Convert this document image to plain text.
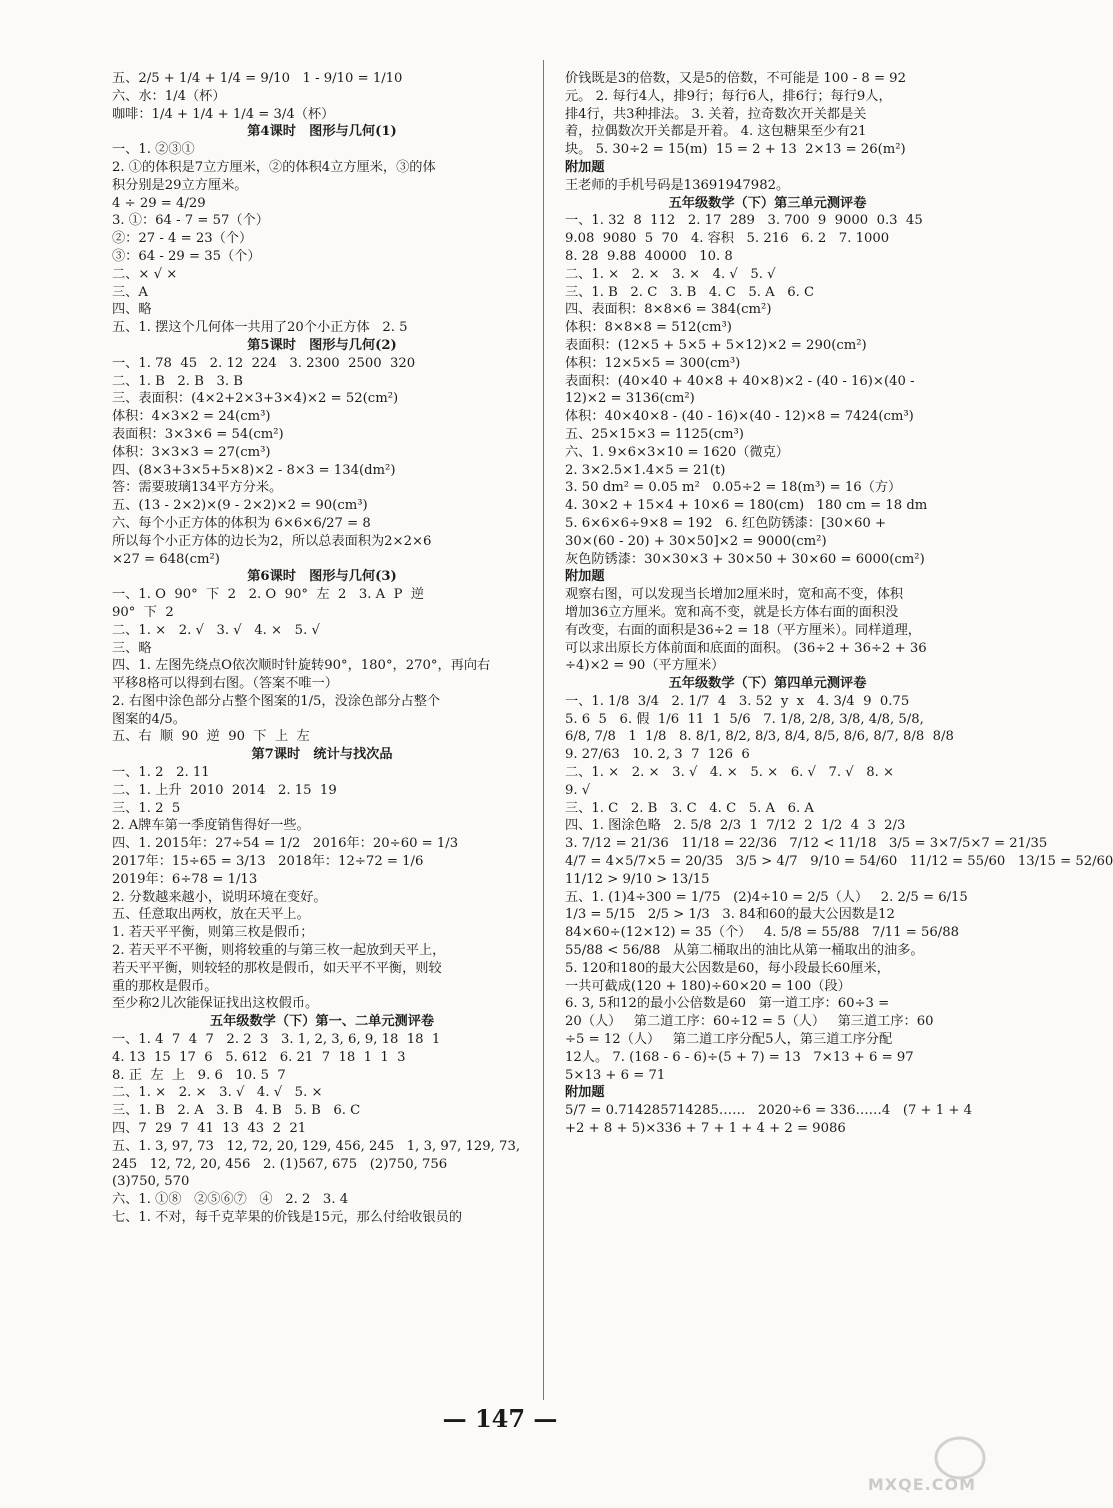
五、2/5 + 1/4 + 1/4 = 9/10   1 - 9/10 = 1/10
六、水：1/4（杯）
咖啡：1/4 + 1/4 + 1/4 = 3/4（杯）
第4课时　图形与几何(1)
一、1. ②③①
2. ①的体积是7立方厘米，②的体积4立方厘米，③的体
积分别是29立方厘米。
4 ÷ 29 = 4/29
3. ①：64 - 7 = 57（个）
②：27 - 4 = 23（个）
③：64 - 29 = 35（个）
二、× √ ×
三、A
四、略
五、1. 摆这个几何体一共用了20个小正方体   2. 5
第5课时　图形与几何(2)
一、1. 78  45   2. 12  224   3. 2300  2500  320
二、1. B   2. B   3. B
三、表面积：(4×2+2×3+3×4)×2 = 52(cm²)
体积：4×3×2 = 24(cm³)
表面积：3×3×6 = 54(cm²)
体积：3×3×3 = 27(cm³)
四、(8×3+3×5+5×8)×2 - 8×3 = 134(dm²)
答：需要玻璃134平方分米。
五、(13 - 2×2)×(9 - 2×2)×2 = 90(cm³)
六、每个小正方体的体积为 6×6×6/27 = 8
所以每个小正方体的边长为2，所以总表面积为2×2×6
×27 = 648(cm²)
第6课时　图形与几何(3)
一、1. O  90°  下  2   2. O  90°  左  2   3. A  P  逆
90°  下  2
二、1. ×   2. √   3. √   4. ×   5. √
三、略
四、1. 左图先绕点O依次顺时针旋转90°，180°，270°，再向右
平移8格可以得到右图。（答案不唯一）
2. 右图中涂色部分占整个图案的1/5，没涂色部分占整个
图案的4/5。
五、右  顺  90  逆  90  下  上  左
第7课时　统计与找次品
一、1. 2   2. 11
二、1. 上升  2010  2014   2. 15  19
三、1. 2  5
2. A牌车第一季度销售得好一些。
四、1. 2015年：27÷54 = 1/2   2016年：20÷60 = 1/3
2017年：15÷65 = 3/13   2018年：12÷72 = 1/6
2019年：6÷78 = 1/13
2. 分数越来越小，说明环境在变好。
五、任意取出两枚，放在天平上。
1. 若天平平衡，则第三枚是假币；
2. 若天平不平衡，则将较重的与第三枚一起放到天平上，
若天平平衡，则较轻的那枚是假币，如天平不平衡，则较
重的那枚是假币。
至少称2儿次能保证找出这枚假币。
五年级数学（下）第一、二单元测评卷
一、1. 4  7  4  7   2. 2  3   3. 1, 2, 3, 6, 9, 18  18  1
4. 13  15  17  6   5. 612   6. 21  7  18  1  1  3
8. 正  左  上   9. 6   10. 5  7
二、1. ×   2. ×   3. √   4. √   5. ×
三、1. B   2. A   3. B   4. B   5. B   6. C
四、7  29  7  41  13  43  2  21
五、1. 3, 97, 73   12, 72, 20, 129, 456, 245   1, 3, 97, 129, 73,
245   12, 72, 20, 456   2. (1)567, 675   (2)750, 756
(3)750, 570
六、1. ①⑧   ②⑤⑥⑦   ④   2. 2   3. 4
七、1. 不对，每千克苹果的价钱是15元，那么付给收银员的
价钱既是3的倍数，又是5的倍数，不可能是 100 - 8 = 92
元。 2. 每行4人，排9行；每行6人，排6行；每行9人，
排4行，共3种排法。 3. 关着，拉奇数次开关都是关
着，拉偶数次开关都是开着。 4. 这包糖果至少有21
块。 5. 30÷2 = 15(m)  15 = 2 + 13  2×13 = 26(m²)
附加题
王老师的手机号码是13691947982。
五年级数学（下）第三单元测评卷
一、1. 32  8  112   2. 17  289   3. 700  9  9000  0.3  45
9.08  9080  5  70   4. 容积   5. 216   6. 2   7. 1000
8. 28  9.88  40000   10. 8
二、1. ×   2. ×   3. ×   4. √   5. √
三、1. B   2. C   3. B   4. C   5. A   6. C
四、表面积：8×8×6 = 384(cm²)
体积：8×8×8 = 512(cm³)
表面积：(12×5 + 5×5 + 5×12)×2 = 290(cm²)
体积：12×5×5 = 300(cm³)
表面积：(40×40 + 40×8 + 40×8)×2 - (40 - 16)×(40 -
12)×2 = 3136(cm²)
体积：40×40×8 - (40 - 16)×(40 - 12)×8 = 7424(cm³)
五、25×15×3 = 1125(cm³)
六、1. 9×6×3×10 = 1620（微克）
2. 3×2.5×1.4×5 = 21(t)
3. 50 dm² = 0.05 m²   0.05÷2 = 18(m³) = 16（方）
4. 30×2 + 15×4 + 10×6 = 180(cm)   180 cm = 18 dm
5. 6×6×6÷9×8 = 192   6. 红色防锈漆：[30×60 +
30×(60 - 20) + 30×50]×2 = 9000(cm²)
灰色防锈漆：30×30×3 + 30×50 + 30×60 = 6000(cm²)
附加题
观察右图，可以发现当长增加2厘米时，宽和高不变，体积
增加36立方厘米。宽和高不变，就是长方体右面的面积没
有改变，右面的面积是36÷2 = 18（平方厘米）。同样道理，
可以求出原长方体前面和底面的面积。 (36÷2 + 36÷2 + 36
÷4)×2 = 90（平方厘米）
五年级数学（下）第四单元测评卷
一、1. 1/8  3/4   2. 1/7  4   3. 52  y  x   4. 3/4  9  0.75
5. 6  5   6. 假  1/6  11  1  5/6   7. 1/8, 2/8, 3/8, 4/8, 5/8,
6/8, 7/8   1  1/8   8. 8/1, 8/2, 8/3, 8/4, 8/5, 8/6, 8/7, 8/8  8/8
9. 27/63   10. 2, 3  7  126  6
二、1. ×   2. ×   3. √   4. ×   5. ×   6. √   7. √   8. ×
9. √
三、1. C   2. B   3. C   4. C   5. A   6. A
四、1. 图涂色略   2. 5/8  2/3  1  7/12  2  1/2  4  3  2/3
3. 7/12 = 21/36   11/18 = 22/36   7/12 < 11/18   3/5 = 3×7/5×7 = 21/35
4/7 = 4×5/7×5 = 20/35   3/5 > 4/7   9/10 = 54/60   11/12 = 55/60   13/15 = 52/60
11/12 > 9/10 > 13/15
五、1. (1)4÷300 = 1/75   (2)4÷10 = 2/5（人）   2. 2/5 = 6/15
1/3 = 5/15   2/5 > 1/3   3. 84和60的最大公因数是12
84×60÷(12×12) = 35（个）   4. 5/8 = 55/88   7/11 = 56/88
55/88 < 56/88   从第二桶取出的油比从第一桶取出的油多。
5. 120和180的最大公因数是60，每小段最长60厘米，
一共可截成(120 + 180)÷60×20 = 100（段）
6. 3, 5和12的最小公倍数是60   第一道工序：60÷3 =
20（人）   第二道工序：60÷12 = 5（人）   第三道工序：60
÷5 = 12（人）   第二道工序分配5人，第三道工序分配
12人。 7. (168 - 6 - 6)÷(5 + 7) = 13   7×13 + 6 = 97
5×13 + 6 = 71
附加题
5/7 = 0.714285714285……   2020÷6 = 336……4   (7 + 1 + 4
+2 + 8 + 5)×336 + 7 + 1 + 4 + 2 = 9086
— 147 —
MXQE.COM
